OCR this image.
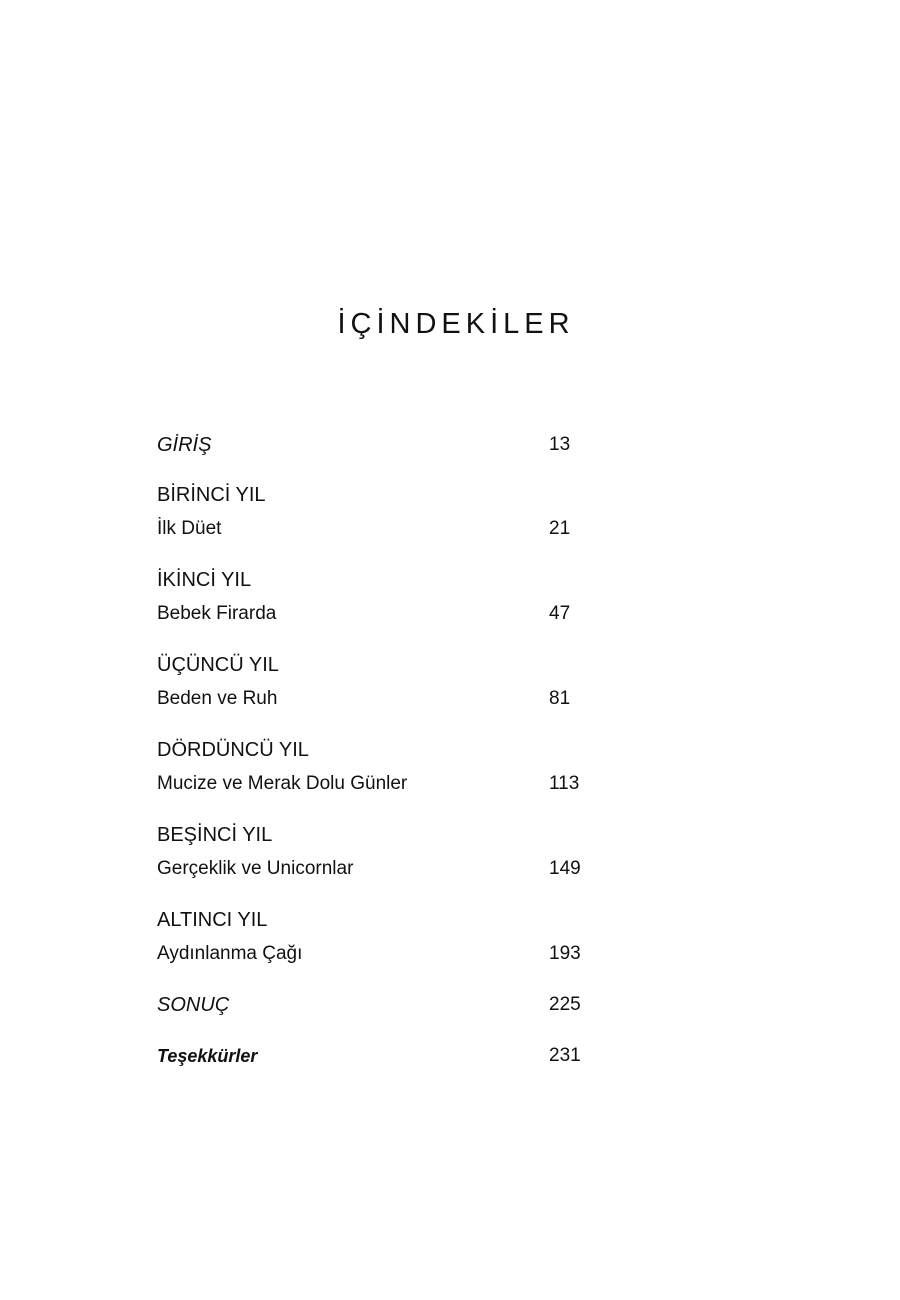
İÇİNDEKİLER
GİRİŞ	13
BİRİNCİ YIL
İlk Düet	21
İKİNCİ YIL
Bebek Firarda	47
ÜÇÜNCÜ YIL
Beden ve Ruh	81
DÖRDÜNCÜ YIL
Mucize ve Merak Dolu Günler	113
BEŞİNCİ YIL
Gerçeklik ve Unicornlar	149
ALTINCI YIL
Aydınlanma Çağı	193
SONUÇ	225
Teşekkürler	231
